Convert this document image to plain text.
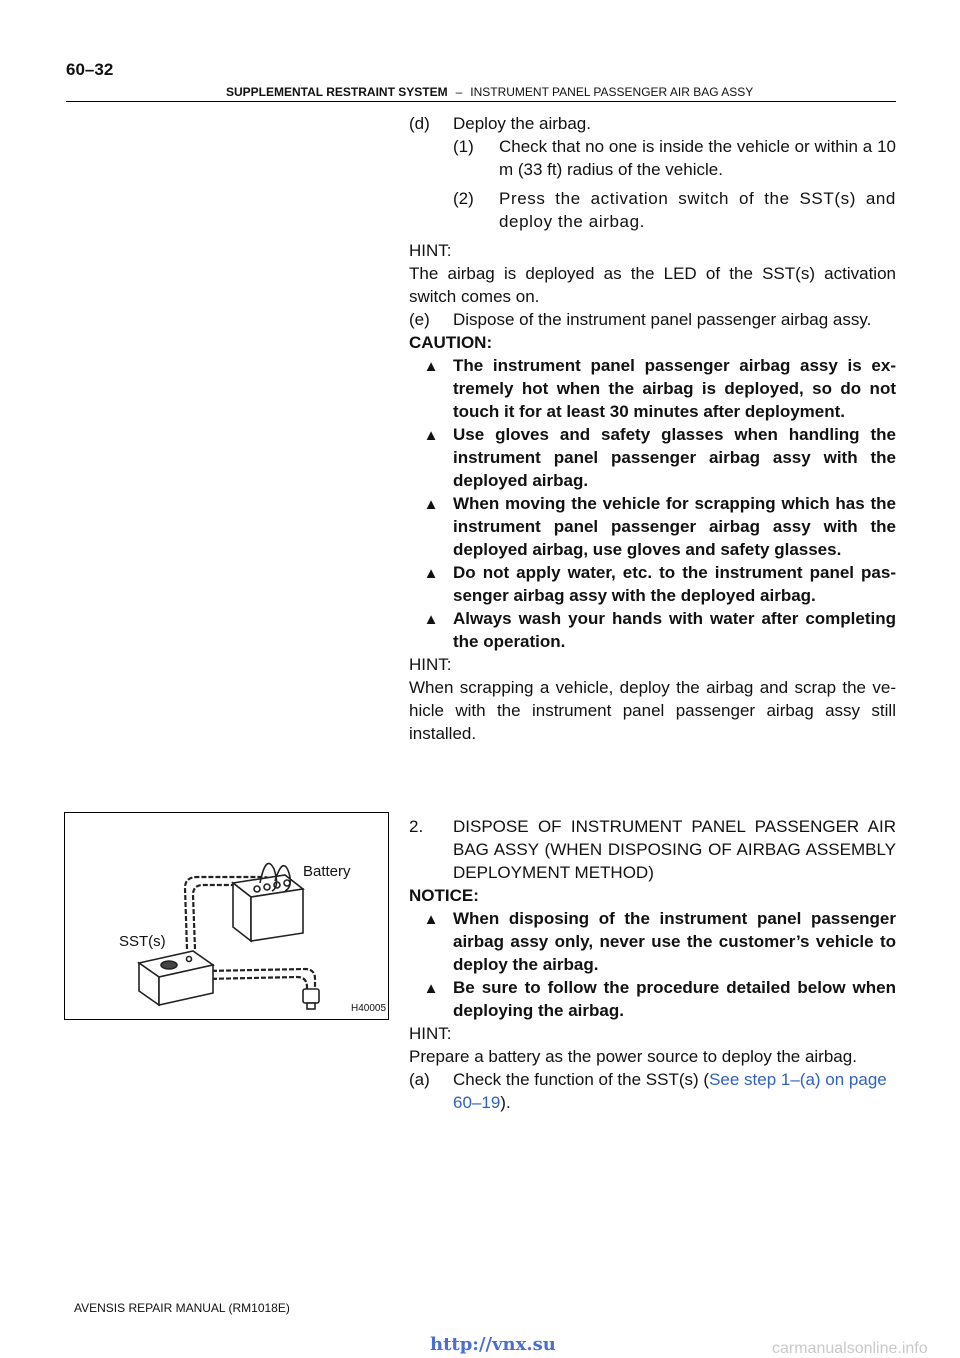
60–32
SUPPLEMENTAL RESTRAINT SYSTEM – INSTRUMENT PANEL PASSENGER AIR BAG ASSY
(d)	Deploy the airbag.
(1)	Check that no one is inside the vehicle or within a 10 m (33 ft) radius of the vehicle.
(2)	Press the activation switch of the SST(s) and deploy the airbag.

HINT:

The airbag is deployed as the LED of the SST(s) activation switch comes on.

(e)	Dispose of the instrument panel passenger airbag assy.

CAUTION:

▲ The instrument panel passenger airbag assy is ex- tremely hot when the airbag is deployed, so do not touch it for at least 30 minutes after deployment.
▲ Use gloves and safety glasses when handling the instrument panel passenger airbag assy with the deployed airbag.
▲ When moving the vehicle for scrapping which has the instrument panel passenger airbag assy with the deployed airbag, use gloves and safety glasses.
▲ Do not apply water, etc. to the instrument panel pas- senger airbag assy with the deployed airbag.
▲ Always wash your hands with water after completing the operation.

HINT:

When scrapping a vehicle, deploy the airbag and scrap the ve- hicle with the instrument panel passenger airbag assy still installed.

2.	DISPOSE OF INSTRUMENT PANEL PASSENGER AIR BAG ASSY (WHEN DISPOSING OF AIRBAG ASSEMBLY DEPLOYMENT METHOD)

NOTICE:

▲ When disposing of the instrument panel passenger airbag assy only, never use the customer’s vehicle to deploy the airbag.
▲ Be sure to follow the procedure detailed below when deploying the airbag.

HINT:

Prepare a battery as the power source to deploy the airbag.

(a)	Check the function of the SST(s) (See step 1–(a) on page 60–19).
Battery
SST(s)
H40005
AVENSIS REPAIR MANUAL (RM1018E)
http://vnx.su	carmanualsonline.info
